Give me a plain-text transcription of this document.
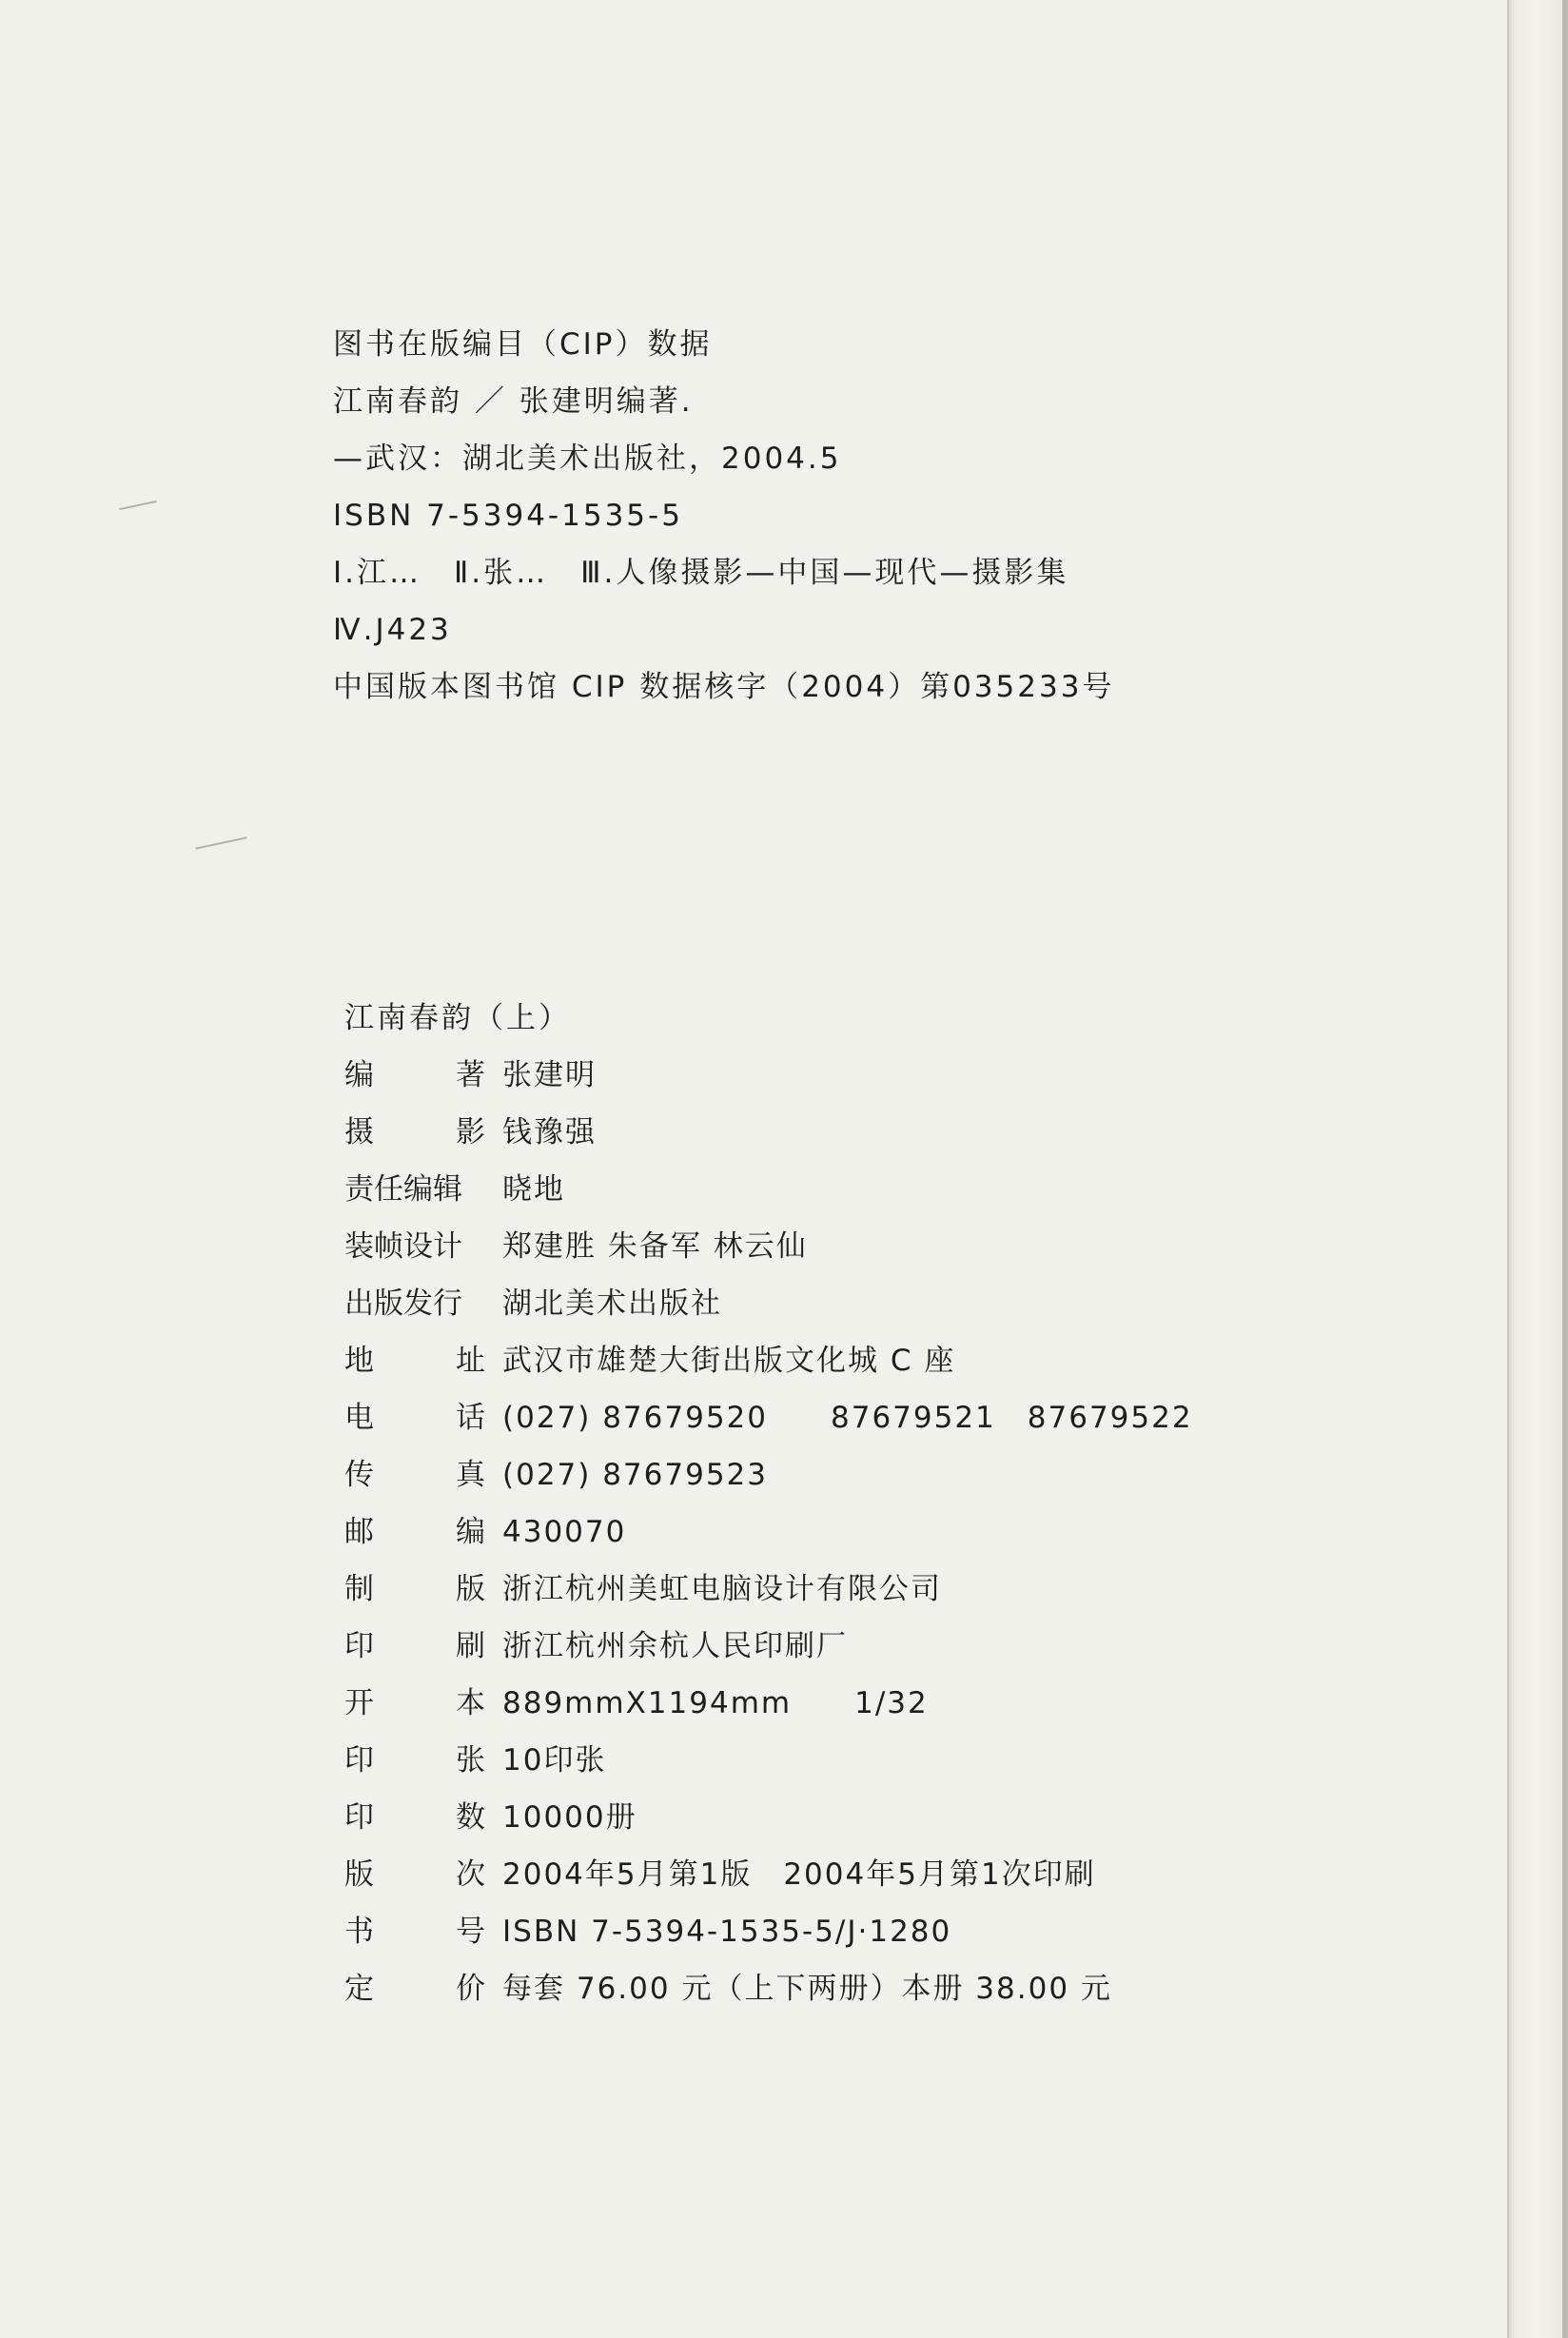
图书在版编目（CIP）数据
江南春韵 ／ 张建明编著.
—武汉：湖北美术出版社，2004.5
ISBN 7-5394-1535-5
Ⅰ.江…　Ⅱ.张…　Ⅲ.人像摄影—中国—现代—摄影集
Ⅳ.J423
中国版本图书馆 CIP 数据核字（2004）第035233号
江南春韵（上）
编	著 张建明
摄	影 钱豫强
责任编辑 晓地
装帧设计 郑建胜 朱备军 林云仙
出版发行 湖北美术出版社
地	址 武汉市雄楚大街出版文化城 C 座
电	话 (027) 87679520　　87679521　87679522
传	真 (027) 87679523
邮	编 430070
制	版 浙江杭州美虹电脑设计有限公司
印	刷 浙江杭州余杭人民印刷厂
开	本 889mmX1194mm　　1/32
印	张 10印张
印	数 10000册
版	次 2004年5月第1版　2004年5月第1次印刷
书	号 ISBN 7-5394-1535-5/J·1280
定	价 每套 76.00 元（上下两册）本册 38.00 元
